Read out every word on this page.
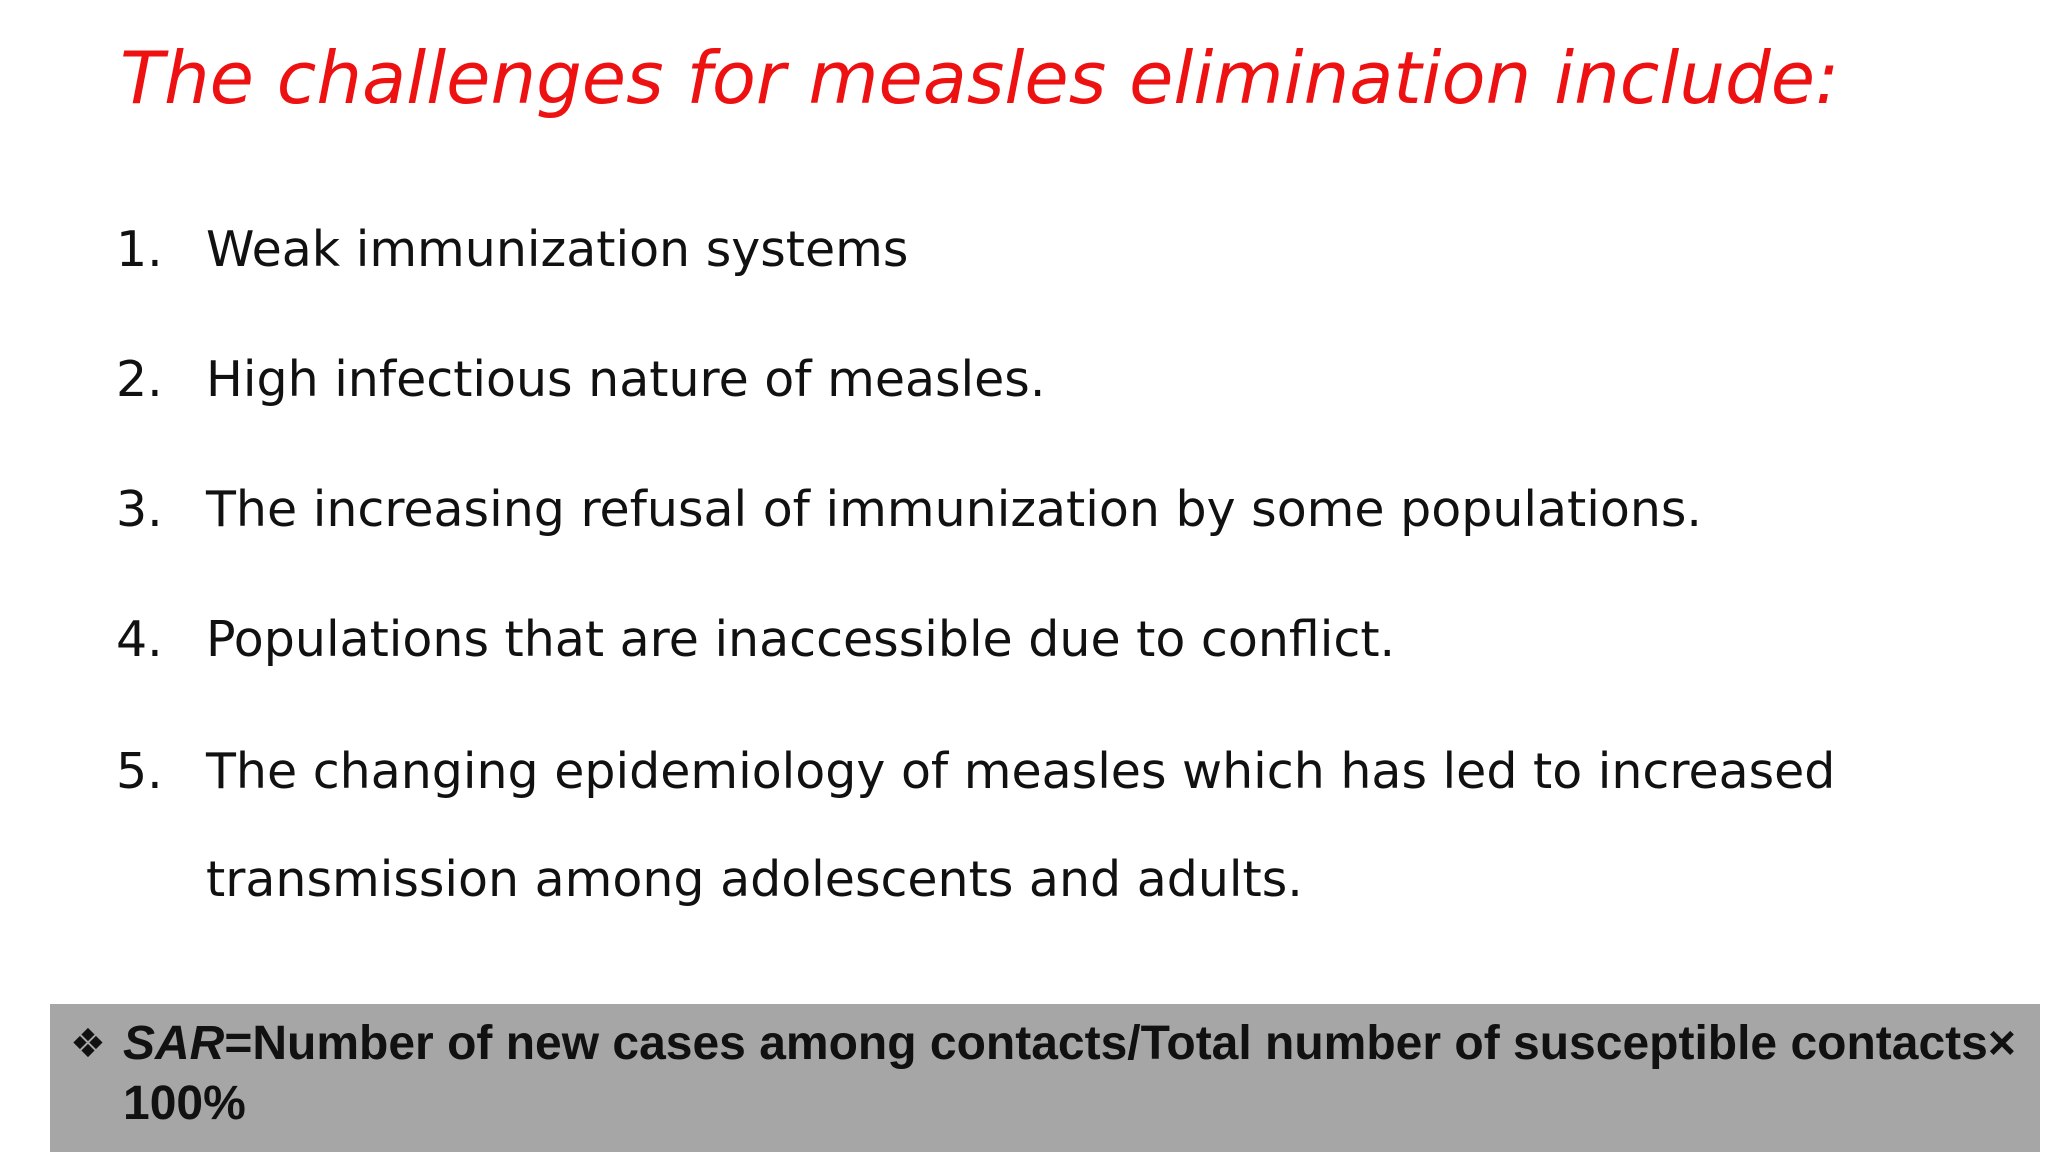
The challenges for measles elimination include:
1. Weak immunization systems
2. High infectious nature of measles.
3. The increasing refusal of immunization by some populations.
4. Populations that are inaccessible due to conflict.
5. The changing epidemiology of measles which has led to increased transmission among adolescents and adults.
❖ SAR=Number of new cases among contacts/Total number of susceptible contacts×100%
